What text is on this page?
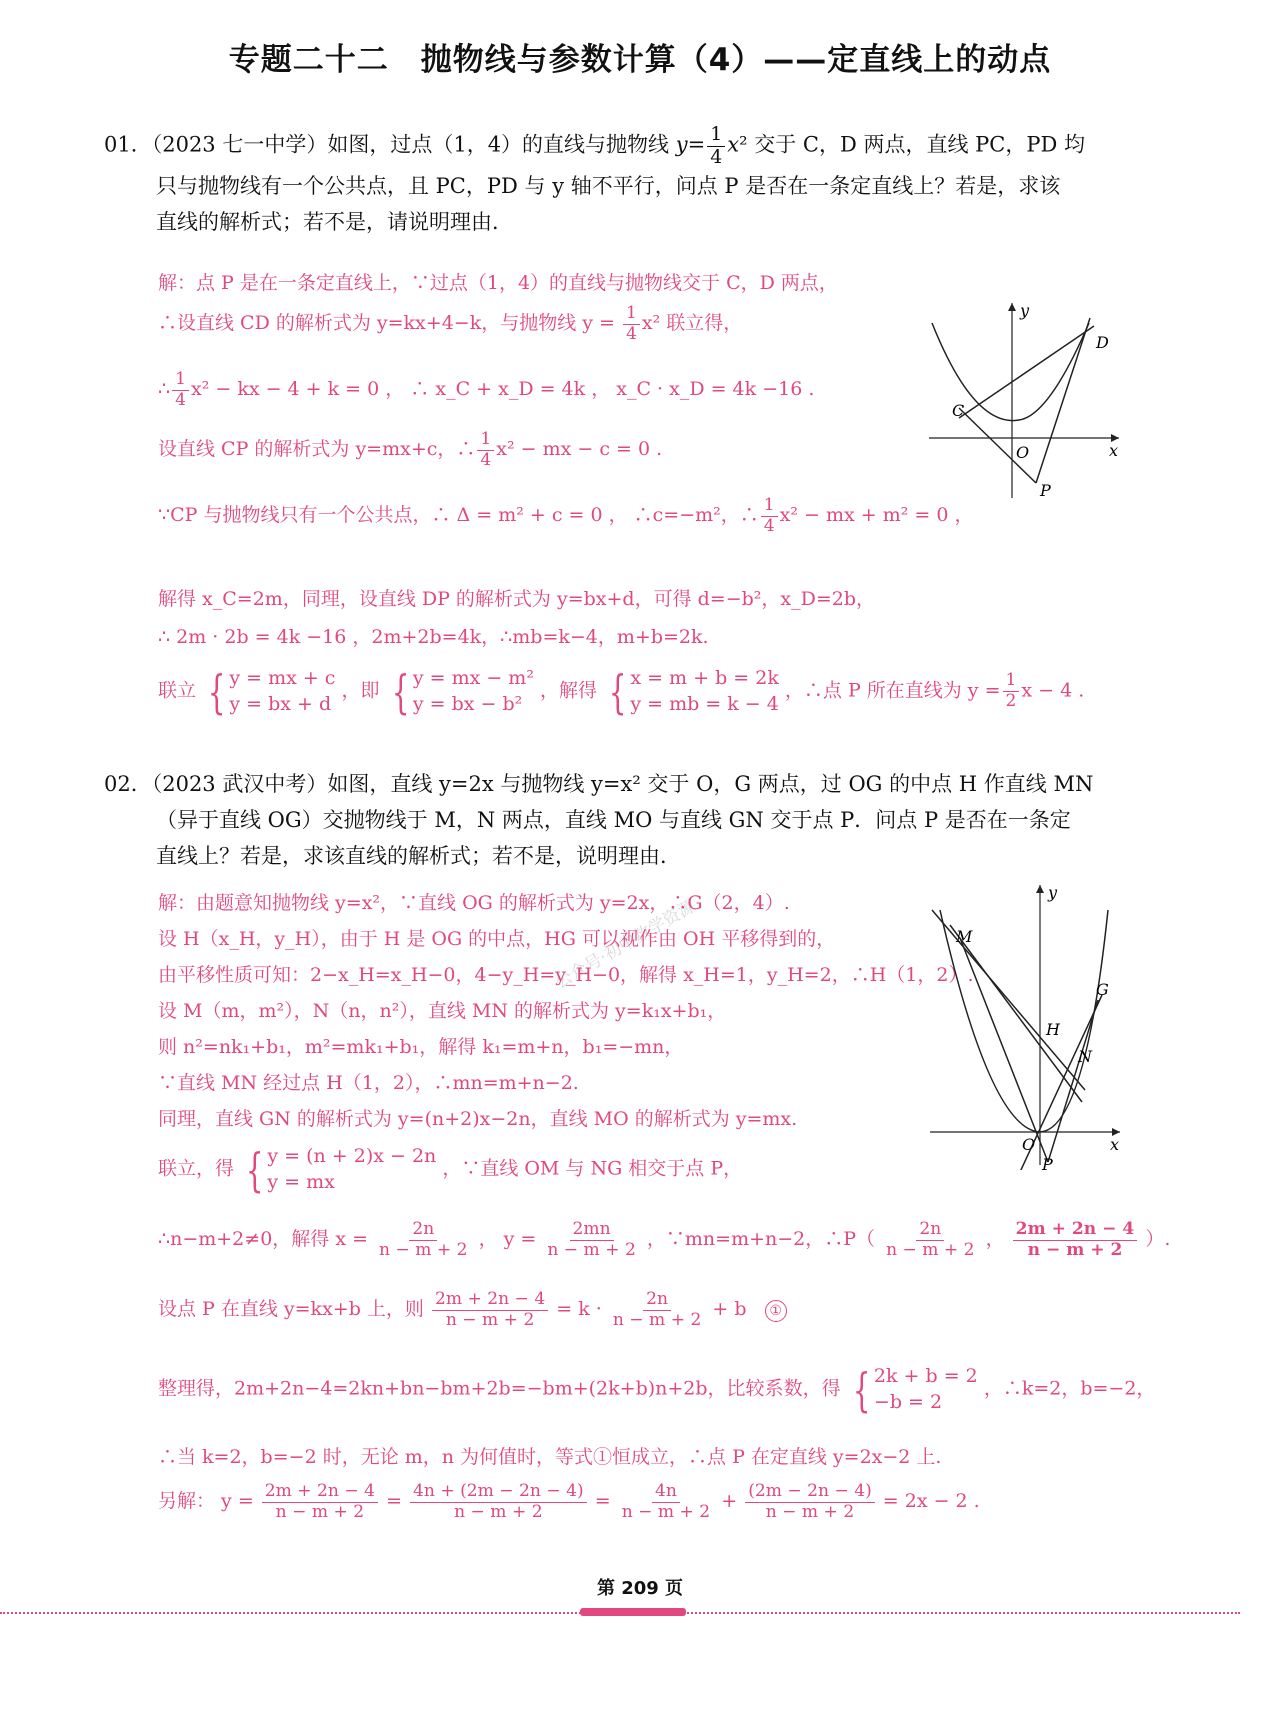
专题二十二　抛物线与参数计算（4）——定直线上的动点
01．（2023 七一中学）如图，过点（1，4）的直线与抛物线 $y= \frac{1}{4} x^2$ 交于 C，D 两点，直线 PC，PD 均
只与抛物线有一个公共点，且 PC，PD 与 y 轴不平行，问点 P 是否在一条定直线上？若是，求该
直线的解析式；若不是，请说明理由．
解：点 P 是在一条定直线上，∵过点（1，4）的直线与抛物线交于 C，D 两点，
∴设直线 CD 的解析式为 y=kx+4−k，与抛物线 $y = \frac{1}{4} x^2$ 联立得，
∴ $\frac{1}{4} x^2$ − kx − 4 + k = 0 ， ∴ x_C + x_D = 4k ， x_C · x_D = 4k −16 .
设直线 CP 的解析式为 y=mx+c，∴ $\frac{1}{4} x^2$ − mx − c = 0 .
∵CP 与抛物线只有一个公共点，∴ Δ = m² + c = 0 ， ∴c=−m²，∴ $\frac{1}{4} x^2$ − mx + m² = 0 ，
解得 x_C=2m，同理，设直线 DP 的解析式为 y=bx+d，可得 d=−b²，x_D=2b，
∴ 2m · 2b = 4k −16 ，2m+2b=4k，∴mb=k−4，m+b=2k.
联立 { y = mx + c
y = bx + d
，即 { y = mx − m²
y = bx − b²
，解得 { x = m + b = 2k
y = mb = k − 4
，∴点 P 所在直线为 $y = \frac{1}{2}$ x − 4 .
y
x
O
C
D
P
02．（2023 武汉中考）如图，直线 y=2x 与抛物线 y=x² 交于 O，G 两点，过 OG 的中点 H 作直线 MN
（异于直线 OG）交抛物线于 M，N 两点，直线 MO 与直线 GN 交于点 P．问点 P 是否在一条定
直线上？若是，求该直线的解析式；若不是，说明理由．
公众号·初中数学资源
解：由题意知抛物线 y=x²，∵直线 OG 的解析式为 y=2x，∴G（2，4）.
设 H（x_H，y_H），由于 H 是 OG 的中点，HG 可以视作由 OH 平移得到的，
由平移性质可知：2−x_H=x_H−0，4−y_H=y_H−0，解得 x_H=1，y_H=2，∴H（1，2）.
设 M（m，m²），N（n，n²），直线 MN 的解析式为 y=k₁x+b₁，
则 n²=nk₁+b₁，m²=mk₁+b₁，解得 k₁=m+n，b₁=−mn，
∵直线 MN 经过点 H（1，2），∴mn=m+n−2.
同理，直线 GN 的解析式为 y=(n+2)x−2n，直线 MO 的解析式为 y=mx.
联立，得 { y = (n + 2)x − 2n
y = mx
，∵直线 OM 与 NG 相交于点 P，
∴n−m+2≠0，解得 $x = \frac{2n}{n - m + 2}$ ， $y = \frac{2mn}{n - m + 2}$ ，∵mn=m+n−2，∴P（ $\frac{2n}{n - m + 2}$ ， $\frac{2m + 2n - 4}{n - m + 2}$ ）.
设点 P 在直线 y=kx+b 上，则 $\frac{2m + 2n - 4}{n - m + 2} = k \cdot \frac{2n}{n - m + 2} + b$ ①
整理得，2m+2n−4=2kn+bn−bm+2b=−bm+(2k+b)n+2b，比较系数，得 { 2k + b = 2
−b = 2
，∴k=2，b=−2，
∴当 k=2，b=−2 时，无论 m，n 为何值时，等式①恒成立，∴点 P 在定直线 y=2x−2 上.
另解： $y = \frac{2m + 2n - 4}{n - m + 2} = \frac{4n + (2m - 2n - 4)}{n - m + 2} = \frac{4n}{n - m + 2} + \frac{(2m - 2n - 4)}{n - m + 2} = 2x - 2$ .
y
x
O
M
G
H
N
P
第 209 页
